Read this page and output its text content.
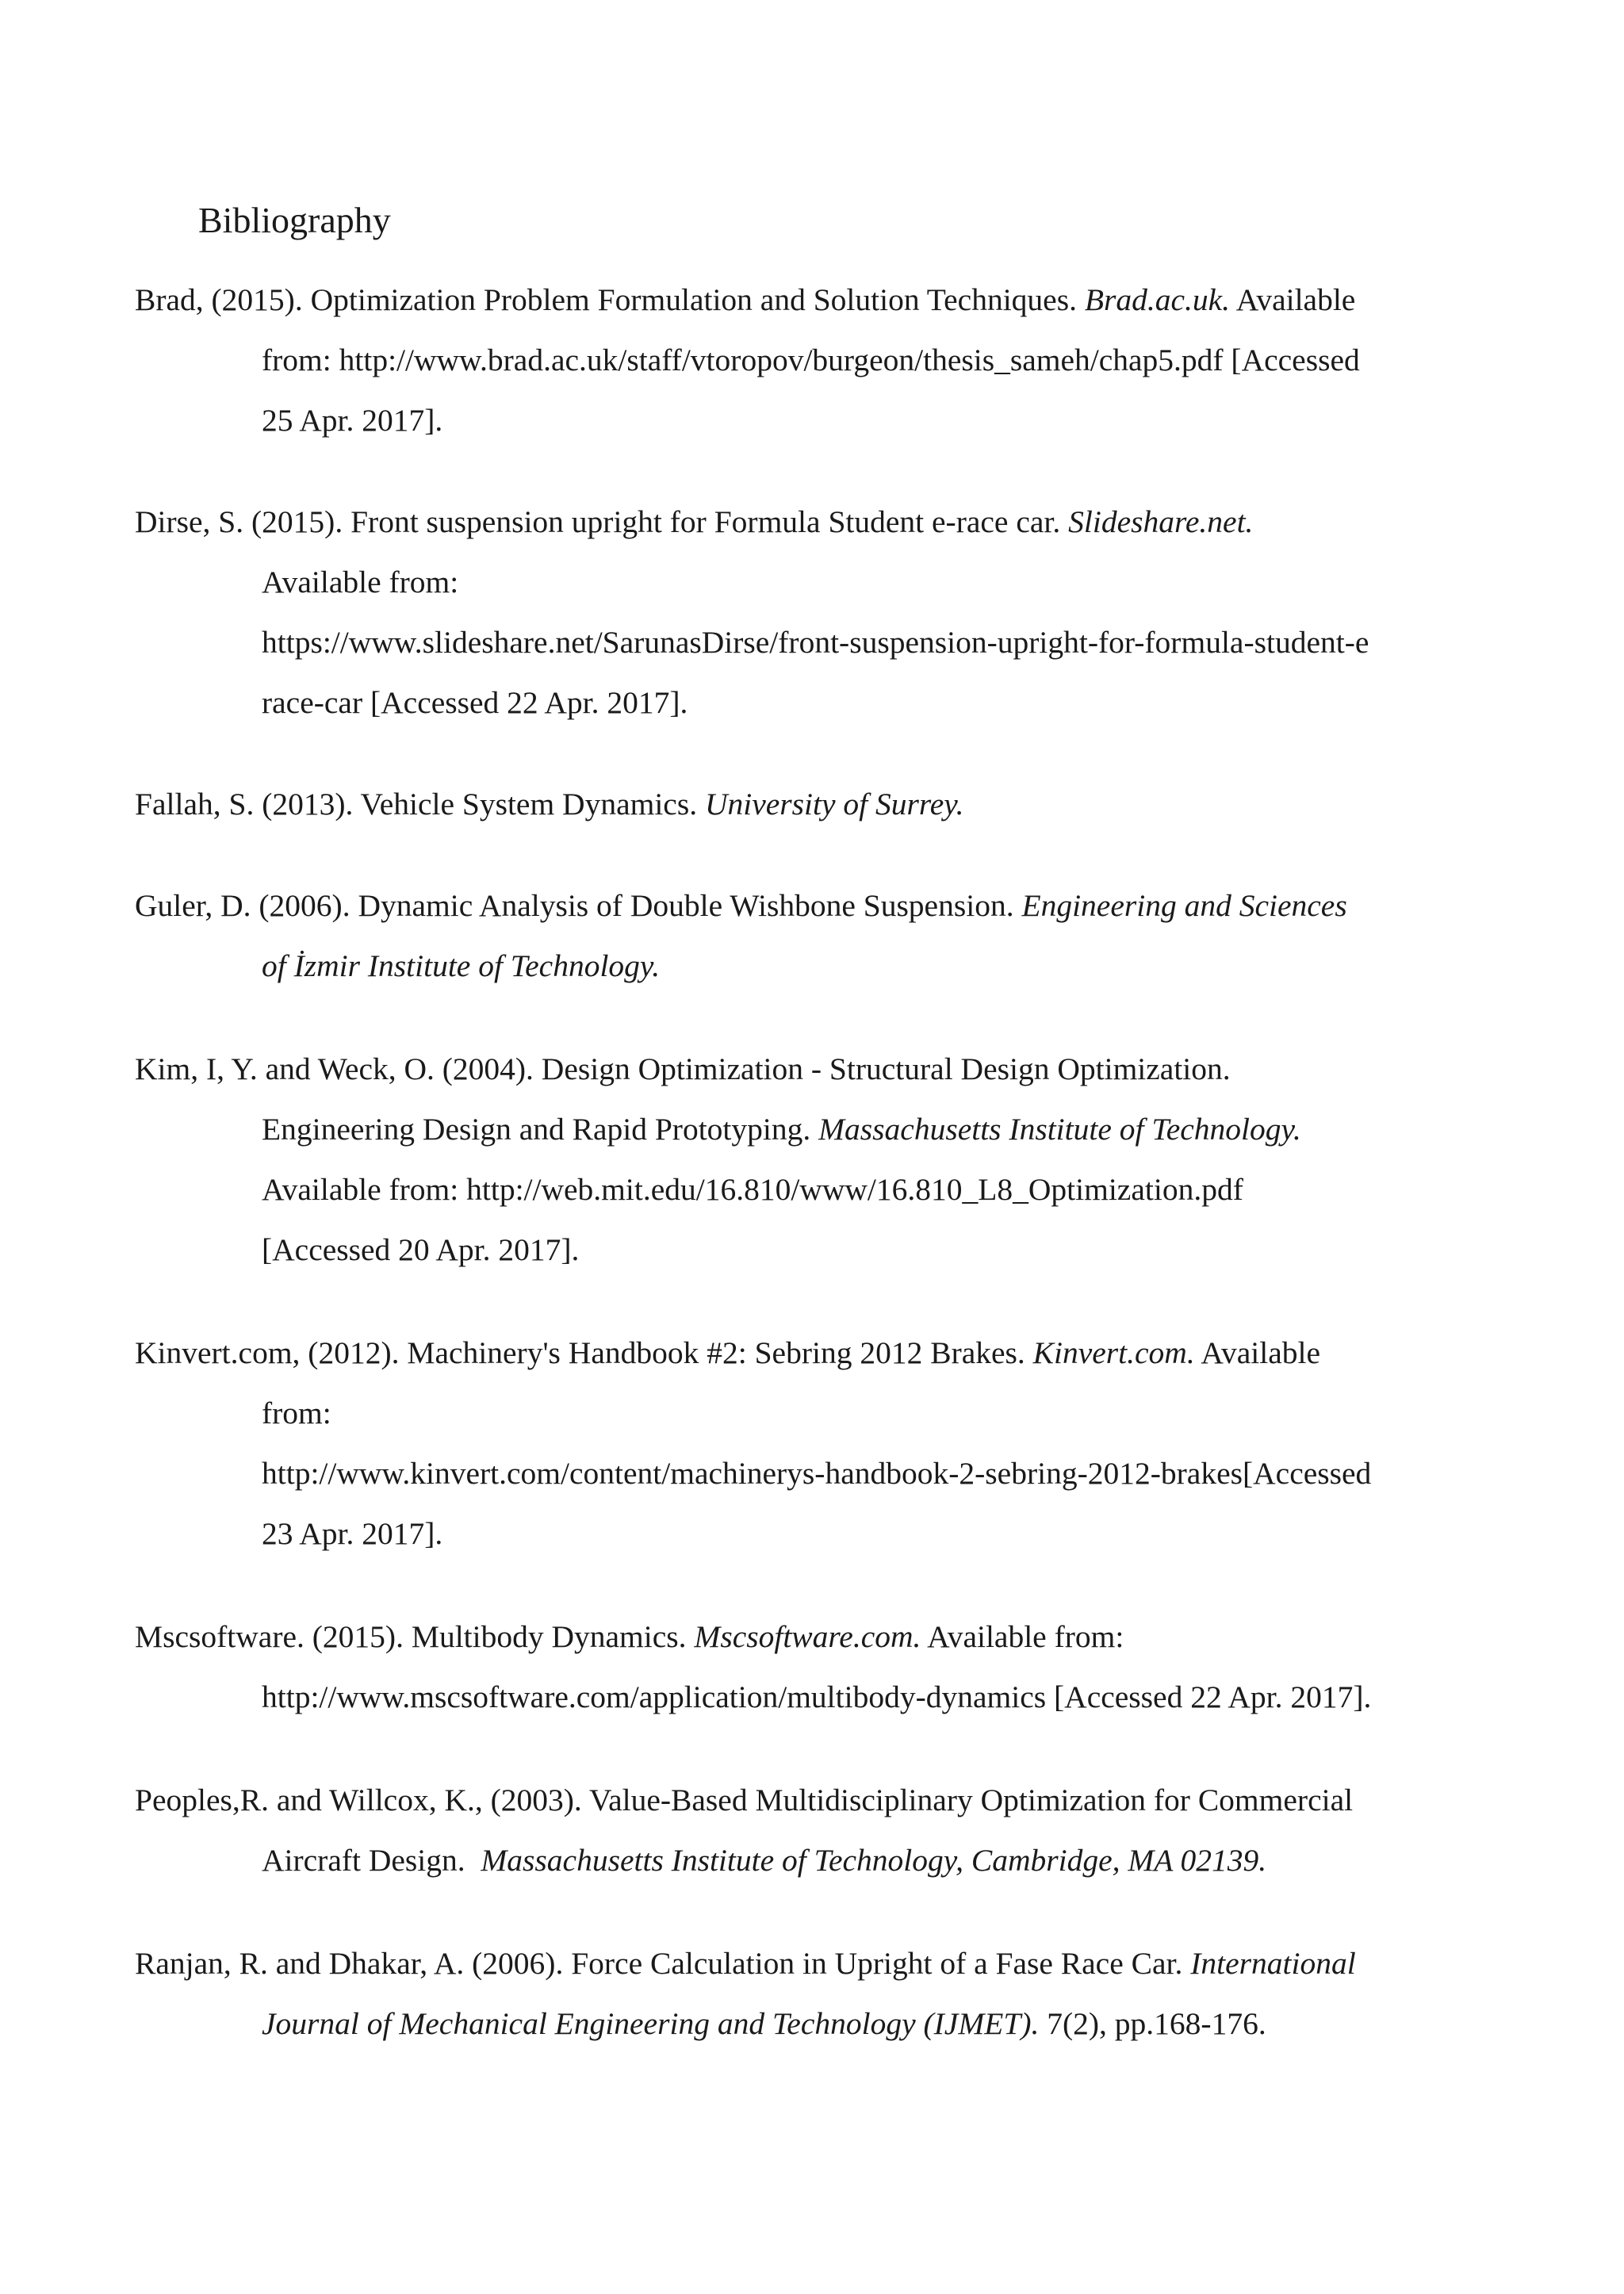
Bibliography

Brad, (2015). Optimization Problem Formulation and Solution Techniques. Brad.ac.uk. Available
from: http://www.brad.ac.uk/staff/vtoropov/burgeon/thesis_sameh/chap5.pdf [Accessed
25 Apr. 2017].

Dirse, S. (2015). Front suspension upright for Formula Student e-race car. Slideshare.net.
Available from:
https://www.slideshare.net/SarunasDirse/front-suspension-upright-for-formula-student-e
race-car [Accessed 22 Apr. 2017].

Fallah, S. (2013). Vehicle System Dynamics. University of Surrey.

Guler, D. (2006). Dynamic Analysis of Double Wishbone Suspension. Engineering and Sciences
of İzmir Institute of Technology.

Kim, I, Y. and Weck, O. (2004). Design Optimization - Structural Design Optimization.
Engineering Design and Rapid Prototyping. Massachusetts Institute of Technology.
Available from: http://web.mit.edu/16.810/www/16.810_L8_Optimization.pdf
[Accessed 20 Apr. 2017].

Kinvert.com, (2012). Machinery's Handbook #2: Sebring 2012 Brakes. Kinvert.com. Available
from:
http://www.kinvert.com/content/machinerys-handbook-2-sebring-2012-brakes[Accessed
23 Apr. 2017].

Mscsoftware. (2015). Multibody Dynamics. Mscsoftware.com. Available from:
http://www.mscsoftware.com/application/multibody-dynamics [Accessed 22 Apr. 2017].

Peoples,R. and Willcox, K., (2003). Value-Based Multidisciplinary Optimization for Commercial
Aircraft Design.  Massachusetts Institute of Technology, Cambridge, MA 02139.

Ranjan, R. and Dhakar, A. (2006). Force Calculation in Upright of a Fase Race Car. International
Journal of Mechanical Engineering and Technology (IJMET). 7(2), pp.168-176.
